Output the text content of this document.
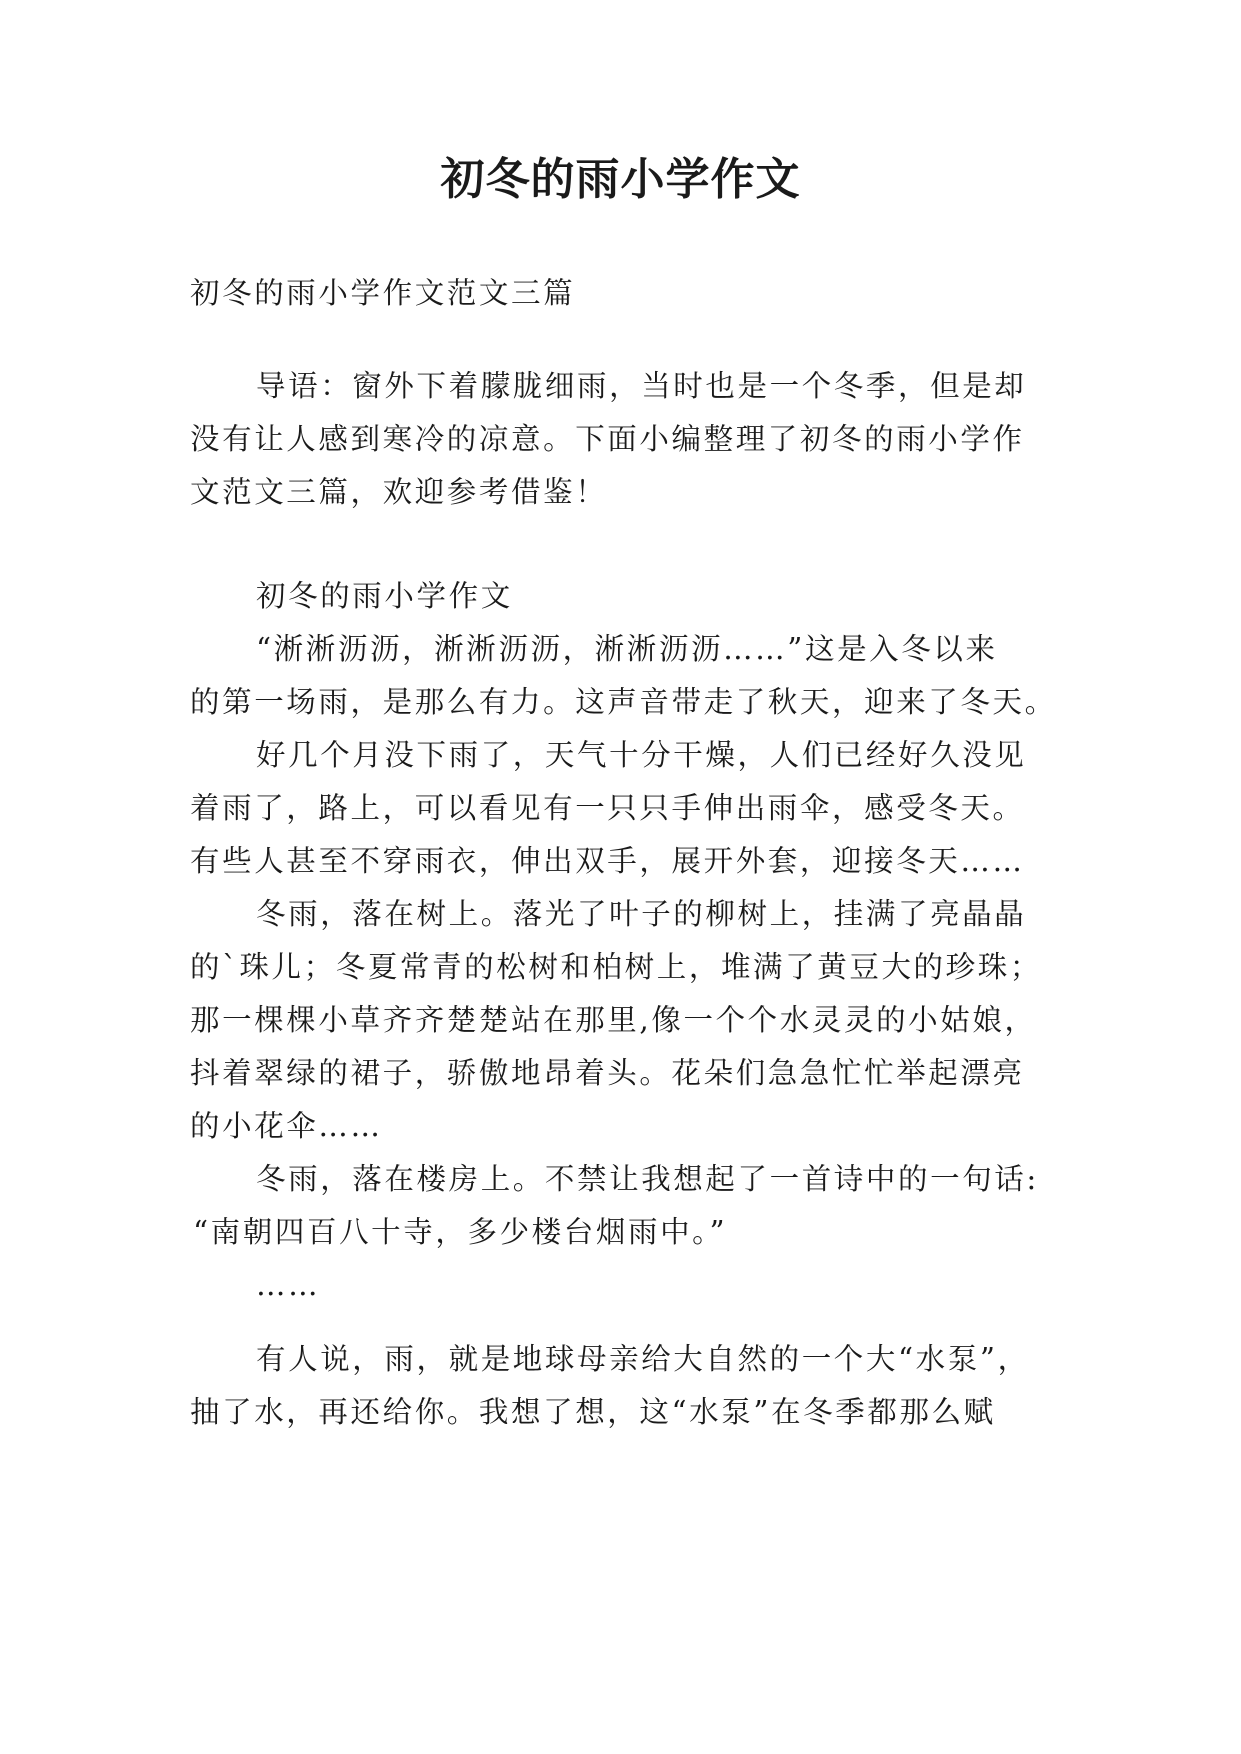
初冬的雨小学作文

初冬的雨小学作文范文三篇

导语：窗外下着朦胧细雨，当时也是一个冬季，但是却

没有让人感到寒冷的凉意。下面小编整理了初冬的雨小学作

文范文三篇，欢迎参考借鉴！

初冬的雨小学作文

“淅淅沥沥，淅淅沥沥，淅淅沥沥……”这是入冬以来

的第一场雨，是那么有力。这声音带走了秋天，迎来了冬天。

好几个月没下雨了，天气十分干燥，人们已经好久没见

着雨了，路上，可以看见有一只只手伸出雨伞，感受冬天。

有些人甚至不穿雨衣，伸出双手，展开外套，迎接冬天……

冬雨，落在树上。落光了叶子的柳树上，挂满了亮晶晶

的`珠儿；冬夏常青的松树和柏树上，堆满了黄豆大的珍珠；

那一棵棵小草齐齐楚楚站在那里,像一个个水灵灵的小姑娘，

抖着翠绿的裙子，骄傲地昂着头。花朵们急急忙忙举起漂亮

的小花伞……

冬雨，落在楼房上。不禁让我想起了一首诗中的一句话:

“南朝四百八十寺，多少楼台烟雨中。”

……

有人说，雨，就是地球母亲给大自然的一个大“水泵”，

抽了水，再还给你。我想了想，这“水泵”在冬季都那么赋
